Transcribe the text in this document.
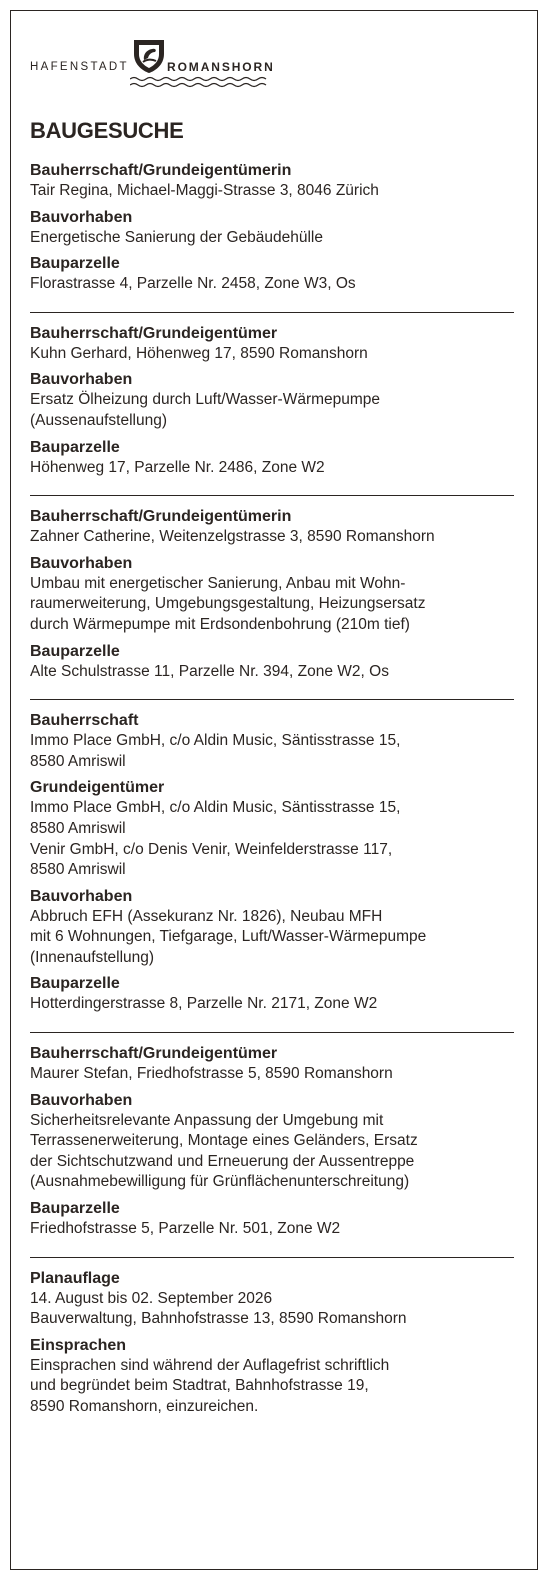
HAFENSTADT	ROMANSHORN
BAUGESUCHE
Bauherrschaft/Grundeigentümerin
Tair Regina, Michael-Maggi-Strasse 3, 8046 Zürich
Bauvorhaben
Energetische Sanierung der Gebäudehülle
Bauparzelle
Florastrasse 4, Parzelle Nr. 2458, Zone W3, Os
Bauherrschaft/Grundeigentümer
Kuhn Gerhard, Höhenweg 17, 8590 Romanshorn
Bauvorhaben
Ersatz Ölheizung durch Luft/Wasser-Wärmepumpe
(Aussenaufstellung)
Bauparzelle
Höhenweg 17, Parzelle Nr. 2486, Zone W2
Bauherrschaft/Grundeigentümerin
Zahner Catherine, Weitenzelgstrasse 3, 8590 Romanshorn
Bauvorhaben
Umbau mit energetischer Sanierung, Anbau mit Wohn-
raumerweiterung, Umgebungsgestaltung, Heizungsersatz
durch Wärmepumpe mit Erdsondenbohrung (210m tief)
Bauparzelle
Alte Schulstrasse 11, Parzelle Nr. 394, Zone W2, Os
Bauherrschaft
Immo Place GmbH, c/o Aldin Music, Säntisstrasse 15,
8580 Amriswil
Grundeigentümer
Immo Place GmbH, c/o Aldin Music, Säntisstrasse 15,
8580 Amriswil
Venir GmbH, c/o Denis Venir, Weinfelderstrasse 117,
8580 Amriswil
Bauvorhaben
Abbruch EFH (Assekuranz Nr. 1826), Neubau MFH
mit 6 Wohnungen, Tiefgarage, Luft/Wasser-Wärmepumpe
(Innenaufstellung)
Bauparzelle
Hotterdingerstrasse 8, Parzelle Nr. 2171, Zone W2
Bauherrschaft/Grundeigentümer
Maurer Stefan, Friedhofstrasse 5, 8590 Romanshorn
Bauvorhaben
Sicherheitsrelevante Anpassung der Umgebung mit
Terrassenerweiterung, Montage eines Geländers, Ersatz
der Sichtschutzwand und Erneuerung der Aussentreppe
(Ausnahmebewilligung für Grünflächenunterschreitung)
Bauparzelle
Friedhofstrasse 5, Parzelle Nr. 501, Zone W2
Planauflage
14. August bis 02. September 2026
Bauverwaltung, Bahnhofstrasse 13, 8590 Romanshorn
Einsprachen
Einsprachen sind während der Auflagefrist schriftlich
und begründet beim Stadtrat, Bahnhofstrasse 19,
8590 Romanshorn, einzureichen.
